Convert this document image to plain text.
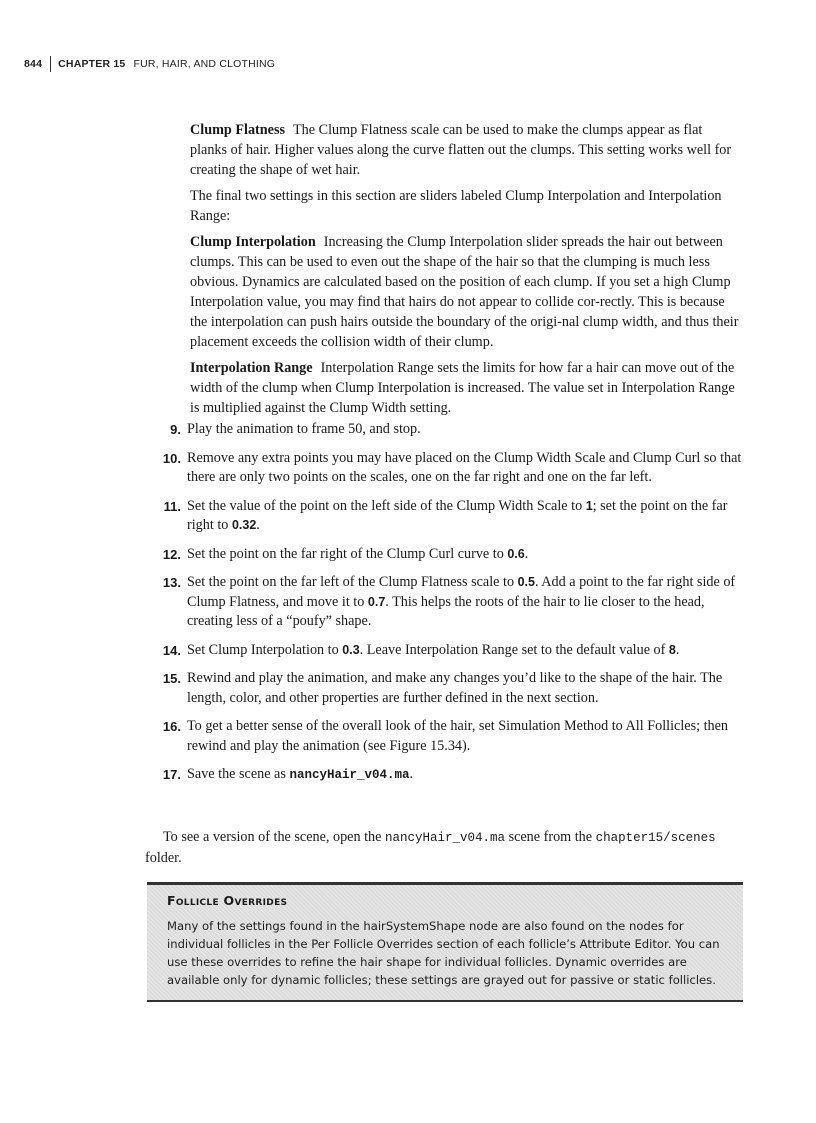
844 CHAPTER 15 FUR, HAIR, AND CLOTHING

Clump Flatness The Clump Flatness scale can be used to make the clumps appear as flat planks of hair. Higher values along the curve flatten out the clumps. This setting works well for creating the shape of wet hair.

The final two settings in this section are sliders labeled Clump Interpolation and Interpolation Range:

Clump Interpolation Increasing the Clump Interpolation slider spreads the hair out between clumps. This can be used to even out the shape of the hair so that the clumping is much less obvious. Dynamics are calculated based on the position of each clump. If you set a high Clump Interpolation value, you may find that hairs do not appear to collide cor-rectly. This is because the interpolation can push hairs outside the boundary of the origi-nal clump width, and thus their placement exceeds the collision width of their clump.

Interpolation Range Interpolation Range sets the limits for how far a hair can move out of the width of the clump when Clump Interpolation is increased. The value set in Interpolation Range is multiplied against the Clump Width setting.

9. Play the animation to frame 50, and stop.
10. Remove any extra points you may have placed on the Clump Width Scale and Clump Curl so that there are only two points on the scales, one on the far right and one on the far left.
11. Set the value of the point on the left side of the Clump Width Scale to 1; set the point on the far right to 0.32.
12. Set the point on the far right of the Clump Curl curve to 0.6.
13. Set the point on the far left of the Clump Flatness scale to 0.5. Add a point to the far right side of Clump Flatness, and move it to 0.7. This helps the roots of the hair to lie closer to the head, creating less of a “poufy” shape.
14. Set Clump Interpolation to 0.3. Leave Interpolation Range set to the default value of 8.
15. Rewind and play the animation, and make any changes you’d like to the shape of the hair. The length, color, and other properties are further defined in the next section.
16. To get a better sense of the overall look of the hair, set Simulation Method to All Follicles; then rewind and play the animation (see Figure 15.34).
17. Save the scene as nancyHair_v04.ma.

To see a version of the scene, open the nancyHair_v04.ma scene from the chapter15/scenes folder.

Follicle Overrides
Many of the settings found in the hairSystemShape node are also found on the nodes for individual follicles in the Per Follicle Overrides section of each follicle’s Attribute Editor. You can use these overrides to refine the hair shape for individual follicles. Dynamic overrides are available only for dynamic follicles; these settings are grayed out for passive or static follicles.
